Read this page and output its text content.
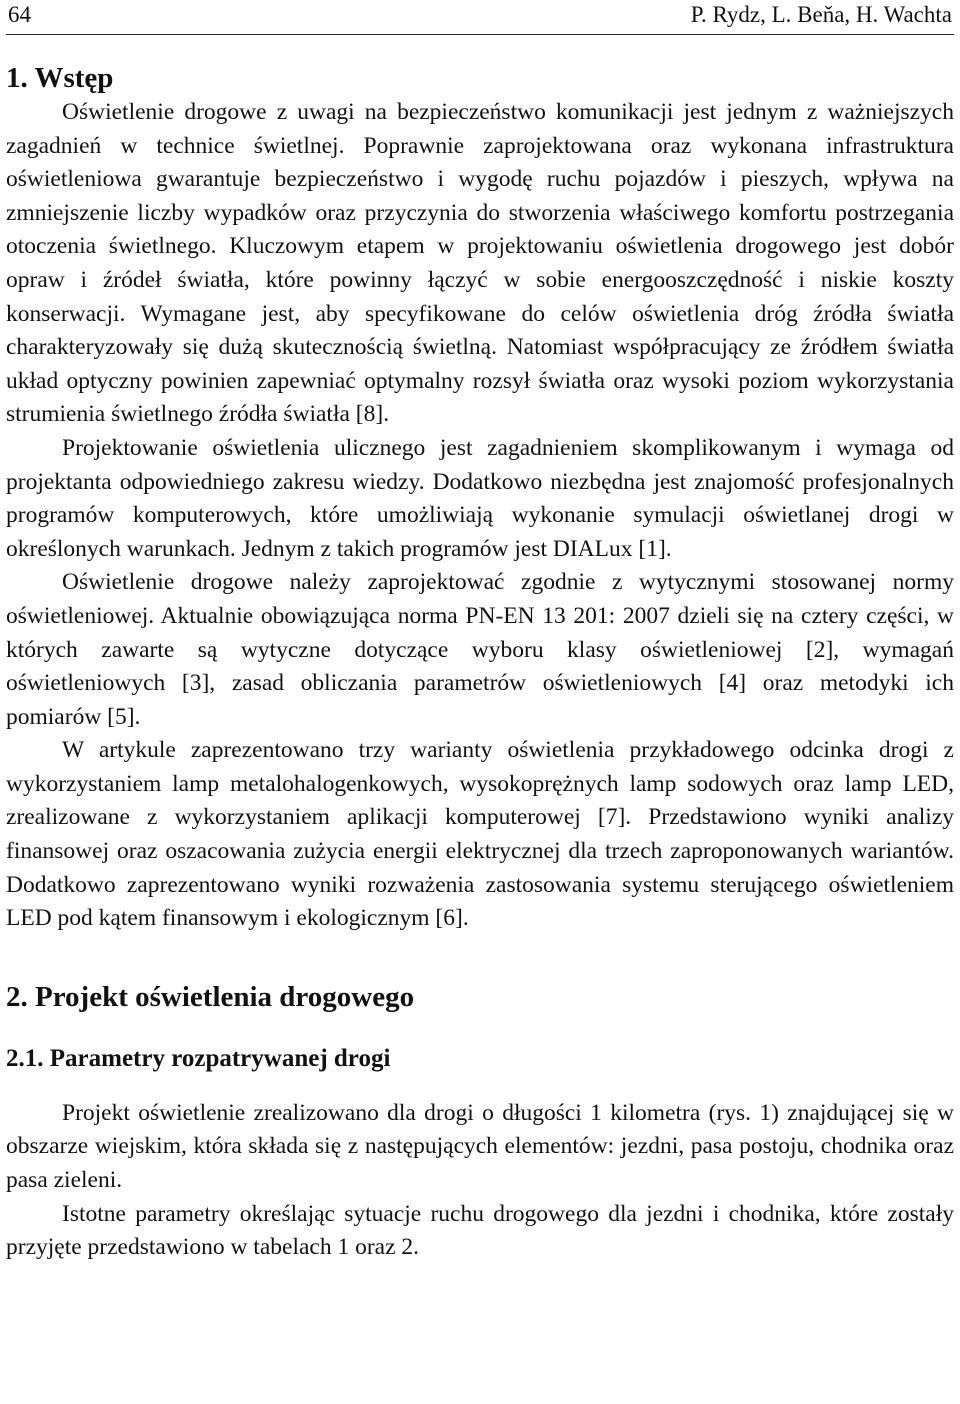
64	P. Rydz, L. Beňa, H. Wachta
1. Wstęp

Oświetlenie drogowe z uwagi na bezpieczeństwo komunikacji jest jednym z ważniejszych zagadnień w technice świetlnej. Poprawnie zaprojektowana oraz wykonana infrastruktura oświetleniowa gwarantuje bezpieczeństwo i wygodę ruchu pojazdów i pieszych, wpływa na zmniejszenie liczby wypadków oraz przyczynia do stworzenia właściwego komfortu postrzegania otoczenia świetlnego. Kluczowym etapem w projektowaniu oświetlenia drogowego jest dobór opraw i źródeł światła, które powinny łączyć w sobie energooszczędność i niskie koszty konserwacji. Wymagane jest, aby specyfikowane do celów oświetlenia dróg źródła światła charakteryzowały się dużą skutecznością świetlną. Natomiast współpracujący ze źródłem światła układ optyczny powinien zapewniać optymalny rozsył światła oraz wysoki poziom wykorzystania strumienia świetlnego źródła światła [8].

Projektowanie oświetlenia ulicznego jest zagadnieniem skomplikowanym i wymaga od projektanta odpowiedniego zakresu wiedzy. Dodatkowo niezbędna jest znajomość profesjonalnych programów komputerowych, które umożliwiają wykonanie symulacji oświetlanej drogi w określonych warunkach. Jednym z takich programów jest DIALux [1].

Oświetlenie drogowe należy zaprojektować zgodnie z wytycznymi stosowanej normy oświetleniowej. Aktualnie obowiązująca norma PN-EN 13 201: 2007 dzieli się na cztery części, w których zawarte są wytyczne dotyczące wyboru klasy oświetleniowej [2], wymagań oświetleniowych [3], zasad obliczania parametrów oświetleniowych [4] oraz metodyki ich pomiarów [5].

W artykule zaprezentowano trzy warianty oświetlenia przykładowego odcinka drogi z wykorzystaniem lamp metalohalogenkowych, wysokoprężnych lamp sodowych oraz lamp LED, zrealizowane z wykorzystaniem aplikacji komputerowej [7]. Przedstawiono wyniki analizy finansowej oraz oszacowania zużycia energii elektrycznej dla trzech zaproponowanych wariantów. Dodatkowo zaprezentowano wyniki rozważenia zastosowania systemu sterującego oświetleniem LED pod kątem finansowym i ekologicznym [6].

2. Projekt oświetlenia drogowego
2.1. Parametry rozpatrywanej drogi

Projekt oświetlenie zrealizowano dla drogi o długości 1 kilometra (rys. 1) znajdującej się w obszarze wiejskim, która składa się z następujących elementów: jezdni, pasa postoju, chodnika oraz pasa zieleni.

Istotne parametry określając sytuacje ruchu drogowego dla jezdni i chodnika, które zostały przyjęte przedstawiono w tabelach 1 oraz 2.
